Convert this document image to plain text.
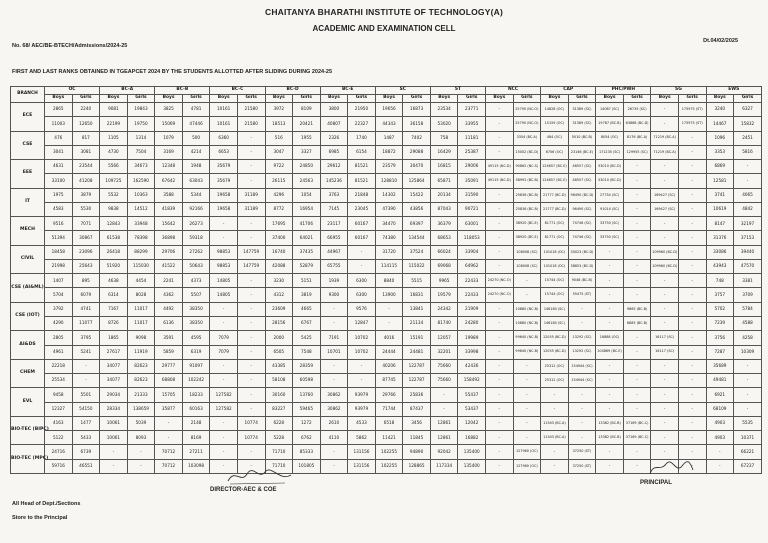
CHAITANYA BHARATHI INSTITUTE OF TECHNOLOGY(A)
ACADEMIC AND EXAMINATION CELL
No. 68/ AEC/BE-BTECH/Admissions/2024-25
Dt.04/02/2025
FIRST AND LAST RANKS OBTAINED IN TGEAPCET 2024 BY THE STUDENTS ALLOTTED AFTER SLIDING DURING 2024-25
BRANCH	OC		BC-A		BC-B		BC-C		BC-D		BC-E		SC		ST		NCC		CAP		PHC/PWH		SG		EWS	
	Boys	Girls	Boys	Girls	Boys	Girls	Boys	Girls	Boys	Girls	Boys	Girls	Boys	Girls	Boys	Girls	Boys	Girls	Boys	Girls	Boys	Girls	Boys	Girls	Boys	Girls
ECE	2865	2240	9081	19843	3825	4781	10161	21580	3972	8109	3800	21950	19656	16873	23534	23771	-	25790 (NC.O)	14828 (OC)	31389 (SC)	14087 (SC)	26735 (SC)	-	175975 (ST)	3240	6327
	11003	12650	22199	19750	15069	47446	10161	21580	18513	20421	40807	22327	44343	36158	53020	33955	-	25790 (NC.O)	15159 (OC)	31389 (SC)	19787 (BC.B)	63868 (BC.D)	-	175975 (ST)	14467	15832
CSE	476	817	1105	1314	1079	500	6360	-	516	1955	2326	1740	1487	7402	758	11181	-	3354 (BC.A)	484 (OC)	5010 (BC.B)	8054 (OC)	8176 (BC.A)	71219 (BC.A)	-	1096	2451
	3041	3081	4730	7504	3169	4214	6653	-	3047	3327	6985	6154	18872	29088	16429	25387	-	15002 (BC.D)	6706 (OC)	23146 (BC.E)	171235 (SC)	129955 (SC)	71219 (BC.A)	-	3353	5816
EEE	4631	23544	5566	34673	12348	1948	35679	-	9722	24850	29612	81521	23579	30470	16815	29006	49115 (NC.D)	90862 (NC.S)	124657 (BC.E)	48557 (SC)	53010 (BC.D)	-	-	-	6869	-
	33100	41208	109725	162590	67642	63043	35679	-	26115	24563	145236	81521	128810	125864	65871	35091	49115 (NC.D)	58992 (BC.B)	124657 (BC.E)	48557 (SC)	53010 (BC.D)	-	-	-	12581	-
IT	1975	3879	5532	10363	3588	5344	19658	31189	4296	1054	3763	21848	14302	15422	20134	31590	-	25836 (BC.B)	21777 (BC.D)	96490 (BC.D)	27754 (SC)	-	169427 (SC)	-	3741	4065
	4583	5530	9838	14512	41839	92166	19658	31189	8772	16954	7145	23045	47390	43856	87043	90721	-	25836 (BC.B)	21777 (BC.D)	96490 (SC)	91014 (SC)	-	169427 (SC)	-	10619	4842
MECH	9516	7071	12843	33948	15642	26273	-	-	17695	41706	23117	60167	34470	69397	36379	63001	-	38920 (BC.E)	81771 (OC)	74746 (SC)	33750 (SC)	-	-	-	8147	32197
	51394	30867	61538	78398	36898	59318	-	-	37400	64021	66955	60167	74380	134544	68653	118053	-	38920 (BC.E)	81771 (OC)	74746 (SC)	33750 (SC)	-	-	-	31376	37153
CIVIL	18458	23096	26418	88299	29706	27262	98853	147759	16740	37435	44967	-	31720	37524	66024	33904	-	108008 (SC)	101018 (OC)	30023 (BC.D)	-	-	109960 (BC.D)	-	33086	39440
	21998	25643	51920	115030	41522	50643	98853	147759	42088	52879	65755	-	114115	115022	69068	64962	-	108008 (SC)	101018 (OC)	38853 (BC.D)	-	-	109960 (BC.D)	-	43943	47570
CSE (AI&ML)	1407	895	4638	4454	2241	4373	14805	-	3230	5151	1939	6300	8840	5515	9965	22433	24270 (NC.O)	-	15744 (OC)	9048 (BC.B)	-	-	-	-	748	3381
	5704	6079	6314	8028	4362	5507	14805	-	4312	3819	9300	6300	13900	16831	19579	22433	24270 (NC.O)	-	15744 (OC)	55475 (ST)	-	-	-	-	3757	3709
CSE (IOT)	3792	4741	7167	11017	4492	38350	-	-	23609	4665	-	9576	-	13841	24342	21909	-	10880 (NC.B)	146180 (SC)	-	-	9865 (BC.B)	-	-	5702	5784
	4290	11077	8726	11017	6136	38350	-	-	28156	6767	-	12847	-	21134	81740	24280	-	10880 (NC.B)	146180 (SC)	-	-	6885 (BC.B)	-	-	7239	4588
AI&DS	2805	3795	1865	9098	3591	4595	7079	-	2000	5425	7191	10702	4016	15191	12057	19989	-	99640 (NC.B)	12055 (BC.D)	13292 (SC)	16888 (OC)	-	16117 (SC)	-	3756	4258
	4961	5241	27617	11919	5859	6319	7079	-	6505	7548	10701	10702	24444	24481	32201	33998	-	99640 (NC.B)	12055 (BC.D)	13292 (SC)	104869 (BC.E)	-	16117 (SC)	-	7287	10309
CHEM	22218	-	34077	82623	29777	91097	-	-	43385	28359	-	-	40206	122787	75660	42436	-	-	25312 (OC)	154944 (SC)	-	-	-	-	35689	-
	25534	-	34077	82623	68808	102242	-	-	58108	60598	-	-	87745	122787	75660	158492	-	-	25312 (OC)	154944 (SC)	-	-	-	-	49481	-
EVL	9458	5501	29034	21333	15705	18233	127582	-	30160	13760	30862	93979	29766	25836	-	55437	-	-	-	-	-	-	-	-	6921	-
	12327	54150	28334	138659	35877	60163	127582	-	83227	59465	30862	93979	71744	87437	-	53437	-	-	-	-	-	-	-	-	68109	-
BIO-TEC (BIPC)	4163	1477	10061	5039	-	2148	-	10774	6228	1272	2610	4533	6518	3456	12861	12042	-	-	11543 (BC.A)	-	13382 (BC.B)	37169 (BC.C)	-	-	4903	5535
	5122	5433	10061	8093	-	8169	-	10774	5228	6762	4110	5862	11421	11845	12861	16882	-	-	11543 (BC.A)	-	13382 (BC.B)	37169 (BC.C)	-	-	4903	10371
BIO-TEC (MPC)	24716	6739	-	-	70712	27211	-	-	71710	85333	-	131156	102255	94890	92042	135400	-	127960 (OC)	-	37250 (ST)	-	-	-	-	-	66221
	59716	46551	-	-	70712	103098	-	-	71710	101805	-	131156	102255	128865	117334	135400	-	127960 (OC)	-	37250 (ST)	-	-	-	-	-	67237
DIRECTOR-AEC & COE
PRINCIPAL
All Head of Dept./Sections
Store to the Principal
